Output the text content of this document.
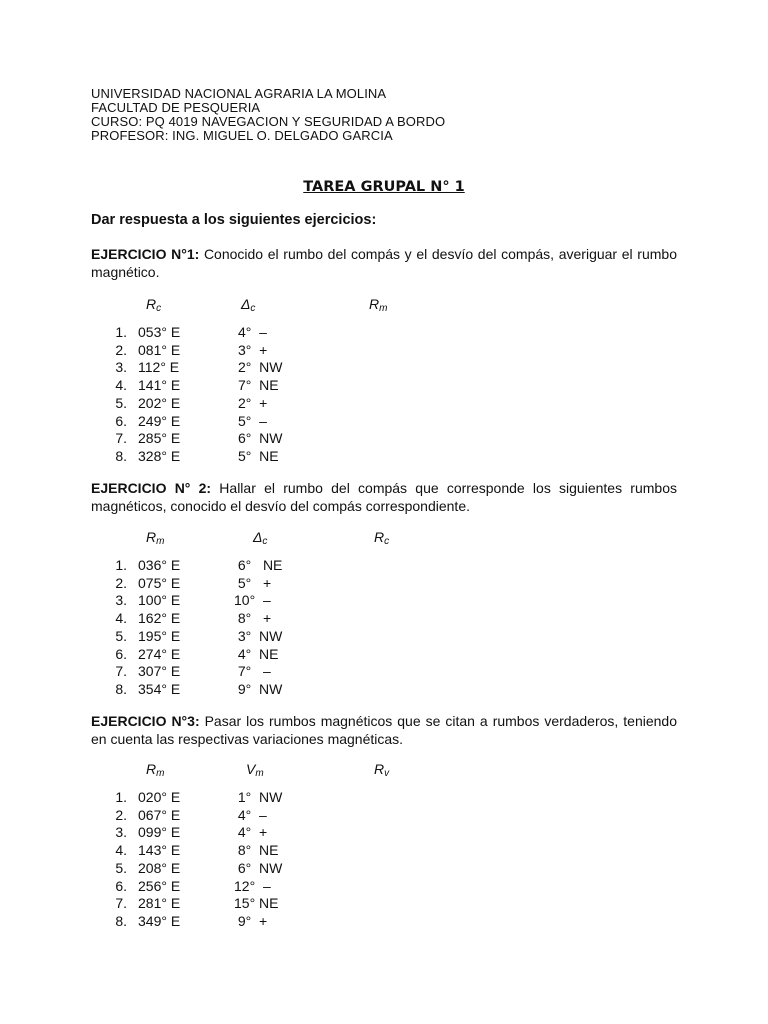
UNIVERSIDAD NACIONAL AGRARIA LA MOLINA
FACULTAD DE PESQUERIA
CURSO: PQ 4019 NAVEGACION Y SEGURIDAD A BORDO
PROFESOR: ING. MIGUEL O. DELGADO GARCIA
TAREA GRUPAL N° 1
Dar respuesta a los siguientes ejercicios:
EJERCICIO N°1: Conocido el rumbo del compás y el desvío del compás, averiguar el rumbo magnético.
$R_c$	$\Delta_c$	$R_m$
1. 053° E	4°  –
2. 081° E	3°  +
3. 112° E	2°  NW
4. 141° E	7°  NE
5. 202° E	2°  +
6. 249° E	5°  –
7. 285° E	6°  NW
8. 328° E	5°  NE
EJERCICIO N° 2: Hallar el rumbo del compás que corresponde los siguientes rumbos magnéticos, conocido el desvío del compás correspondiente.
$R_m$	$\Delta_c$	$R_c$
1. 036° E	6°   NE
2. 075° E	5°   +
3. 100° E	10°  –
4. 162° E	8°   +
5. 195° E	3°  NW
6. 274° E	4°  NE
7. 307° E	7°   –
8. 354° E	9°  NW
EJERCICIO N°3: Pasar los rumbos magnéticos que se citan a rumbos verdaderos, teniendo en cuenta las respectivas variaciones magnéticas.
$R_m$	$V_m$	$R_v$
1. 020° E	1°  NW
2. 067° E	4°  –
3. 099° E	4°  +
4. 143° E	8°  NE
5. 208° E	6°  NW
6. 256° E	12°  –
7. 281° E	15° NE
8. 349° E	9°  +
